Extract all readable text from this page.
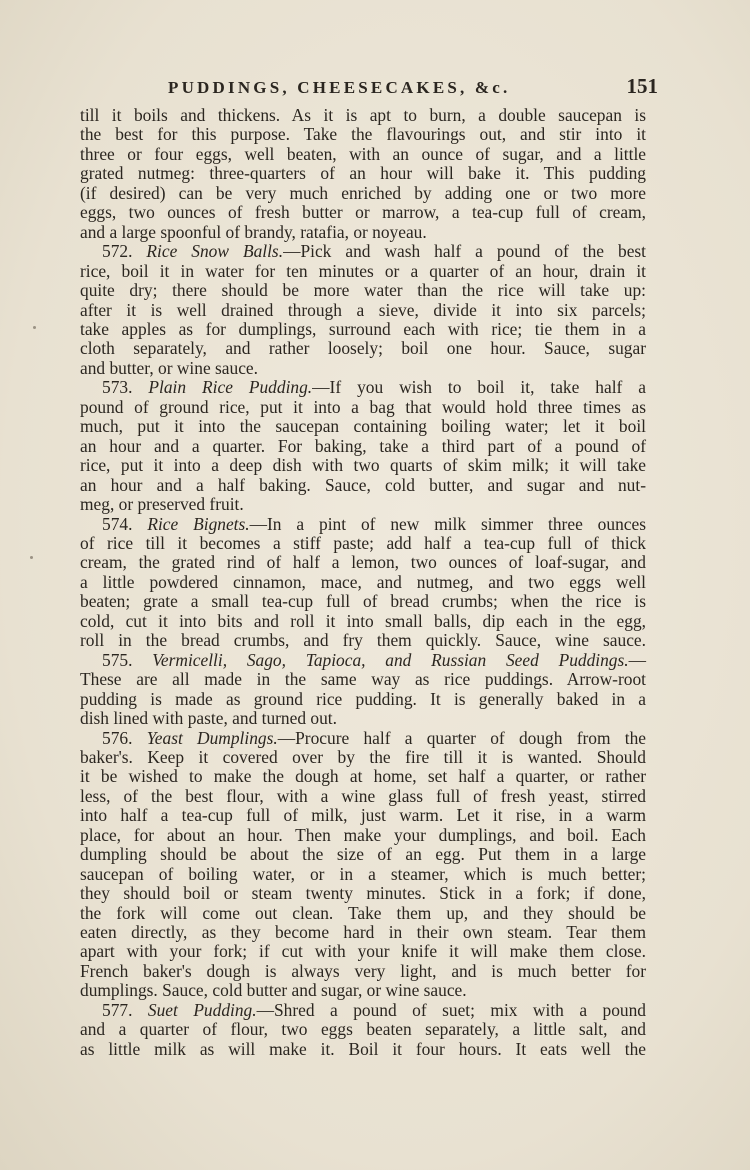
PUDDINGS, CHEESECAKES, &c.	151
till it boils and thickens. As it is apt to burn, a double saucepan is
the best for this purpose. Take the flavourings out, and stir into it
three or four eggs, well beaten, with an ounce of sugar, and a little
grated nutmeg: three-quarters of an hour will bake it. This pudding
(if desired) can be very much enriched by adding one or two more
eggs, two ounces of fresh butter or marrow, a tea-cup full of cream,
and a large spoonful of brandy, ratafia, or noyeau.
572. Rice Snow Balls.—Pick and wash half a pound of the best
rice, boil it in water for ten minutes or a quarter of an hour, drain it
quite dry; there should be more water than the rice will take up:
after it is well drained through a sieve, divide it into six parcels;
take apples as for dumplings, surround each with rice; tie them in a
cloth separately, and rather loosely; boil one hour. Sauce, sugar
and butter, or wine sauce.
573. Plain Rice Pudding.—If you wish to boil it, take half a
pound of ground rice, put it into a bag that would hold three times as
much, put it into the saucepan containing boiling water; let it boil
an hour and a quarter. For baking, take a third part of a pound of
rice, put it into a deep dish with two quarts of skim milk; it will take
an hour and a half baking. Sauce, cold butter, and sugar and nut-
meg, or preserved fruit.
574. Rice Bignets.—In a pint of new milk simmer three ounces
of rice till it becomes a stiff paste; add half a tea-cup full of thick
cream, the grated rind of half a lemon, two ounces of loaf-sugar, and
a little powdered cinnamon, mace, and nutmeg, and two eggs well
beaten; grate a small tea-cup full of bread crumbs; when the rice is
cold, cut it into bits and roll it into small balls, dip each in the egg,
roll in the bread crumbs, and fry them quickly. Sauce, wine sauce.
575. Vermicelli, Sago, Tapioca, and Russian Seed Puddings.—
These are all made in the same way as rice puddings. Arrow-root
pudding is made as ground rice pudding. It is generally baked in a
dish lined with paste, and turned out.
576. Yeast Dumplings.—Procure half a quarter of dough from the
baker's. Keep it covered over by the fire till it is wanted. Should
it be wished to make the dough at home, set half a quarter, or rather
less, of the best flour, with a wine glass full of fresh yeast, stirred
into half a tea-cup full of milk, just warm. Let it rise, in a warm
place, for about an hour. Then make your dumplings, and boil. Each
dumpling should be about the size of an egg. Put them in a large
saucepan of boiling water, or in a steamer, which is much better;
they should boil or steam twenty minutes. Stick in a fork; if done,
the fork will come out clean. Take them up, and they should be
eaten directly, as they become hard in their own steam. Tear them
apart with your fork; if cut with your knife it will make them close.
French baker's dough is always very light, and is much better for
dumplings. Sauce, cold butter and sugar, or wine sauce.
577. Suet Pudding.—Shred a pound of suet; mix with a pound
and a quarter of flour, two eggs beaten separately, a little salt, and
as little milk as will make it. Boil it four hours. It eats well the
